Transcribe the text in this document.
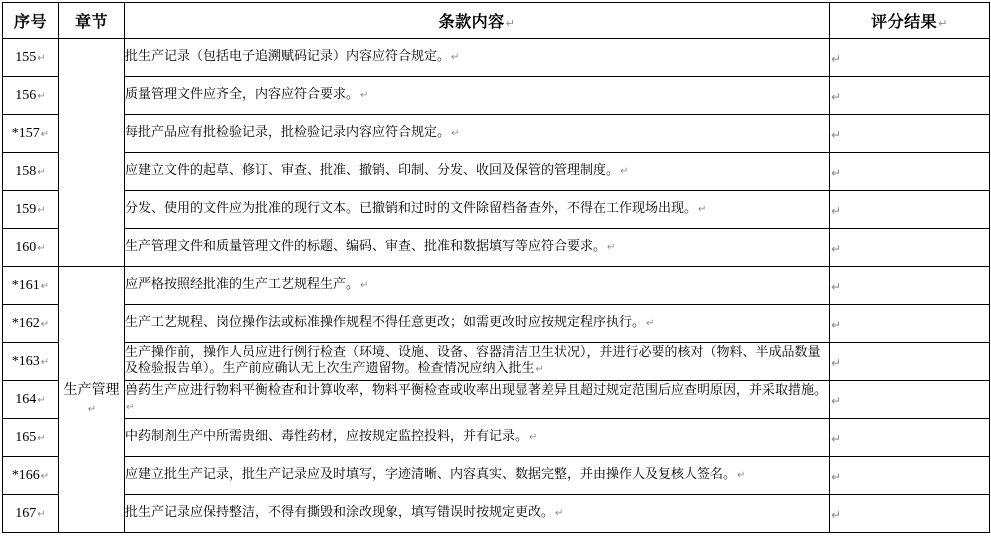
序号	章节	条款内容↵	评分结果↵
155↵		批生产记录（包括电子追溯赋码记录）内容应符合规定。↵	↵
156↵		质量管理文件应齐全，内容应符合要求。↵	↵
*157↵		每批产品应有批检验记录，批检验记录内容应符合规定。↵	↵
158↵		应建立文件的起草、修订、审查、批准、撤销、印制、分发、收回及保管的管理制度。↵	↵
159↵		分发、使用的文件应为批准的现行文本。已撤销和过时的文件除留档备查外，不得在工作现场出现。↵	↵
160↵		生产管理文件和质量管理文件的标题、编码、审查、批准和数据填写等应符合要求。↵	↵
*161↵	生产管理↵	应严格按照经批准的生产工艺规程生产。↵	↵
*162↵		生产工艺规程、岗位操作法或标准操作规程不得任意更改；如需更改时应按规定程序执行。↵	↵
*163↵		生产操作前，操作人员应进行例行检查（环境、设施、设备、容器清洁卫生状况），并进行必要的核对（物料、半成品数量及检验报告单）。生产前应确认无上次生产遗留物。检查情况应纳入批生↵	↵
164↵		兽药生产应进行物料平衡检查和计算收率，物料平衡检查或收率出现显著差异且超过规定范围后应查明原因，并采取措施。↵	↵
165↵		中药制剂生产中所需贵细、毒性药材，应按规定监控投料，并有记录。↵	↵
*166↵		应建立批生产记录，批生产记录应及时填写，字迹清晰、内容真实、数据完整，并由操作人及复核人签名。↵	↵
167↵		批生产记录应保持整洁，不得有撕毁和涂改现象，填写错误时按规定更改。↵	↵
